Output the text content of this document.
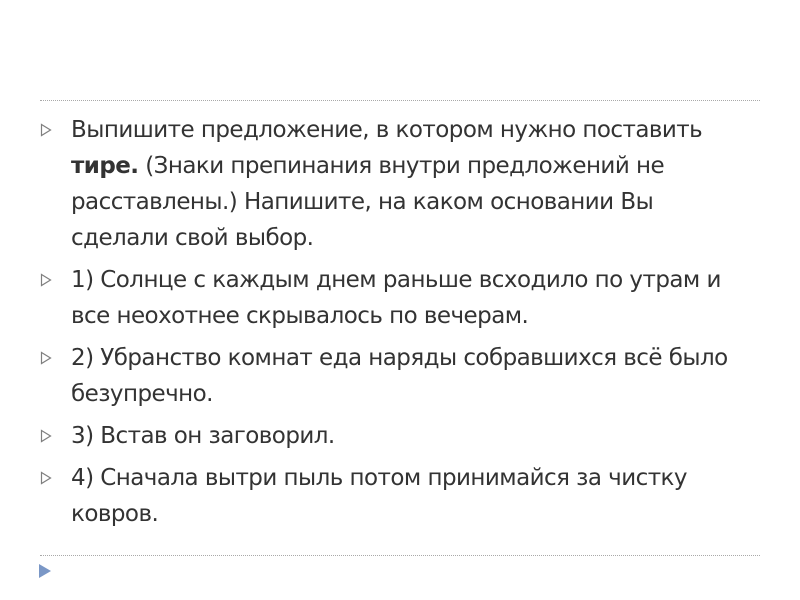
Выпишите предложение, в котором нужно поставить тире. (Знаки препинания внутри предложений не расставлены.) Напишите, на каком основании Вы сделали свой выбор.
1) Солнце с каждым днем раньше всходило по утрам и все неохотнее скрывалось по вечерам.
2) Убранство комнат еда наряды собравшихся всё было безупречно.
3) Встав он заговорил.
4) Сначала вытри пыль потом принимайся за чистку ковров.
